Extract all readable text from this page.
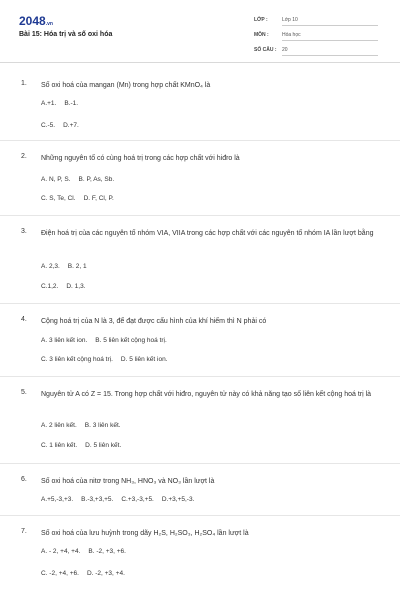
2048.vn
Bài 15: Hóa trị và số oxi hóa
LỚP :	Lớp 10
MÔN :	Hóa học
SỐ CÂU : 20
1. Số oxi hoá của mangan (Mn) trong hợp chất KMnO₄ là
A.+1. B.-1.
C.-5. D.+7.
2. Những nguyên tố có cùng hoá trị trong các hợp chất với hiđro là
A. N, P, S. B. P, As, Sb.
C. S, Te, Cl. D. F, Cl, P.
3. Điện hoá trị của các nguyên tố nhóm VIA, VIIA trong các hợp chất với các nguyên tố nhóm IA lần lượt bằng
A. 2,3. B. 2, 1
C.1,2. D. 1,3.
4. Cộng hoá trị của N là 3, để đạt được cấu hình của khí hiếm thì N phải có
A. 3 liên kết ion. B. 5 liên kết cộng hoá trị.
C. 3 liên kết cộng hoá trị. D. 5 liên kết ion.
5. Nguyên tử A có Z = 15. Trong hợp chất với hiđro, nguyên tử này có khả năng tạo số liên kết cộng hoá trị là
A. 2 liên kết. B. 3 liên kết.
C. 1 liên kết. D. 5 liên kết.
6. Số oxi hoá của nitơ trong NH₃, HNO₃ và NO₃ lần lượt là
A.+5,-3,+3. B.-3,+3,+5. C.+3,-3,+5. D.+3,+5,-3.
7. Số oxi hoá của lưu huỳnh trong dãy H₂S, H₂SO₃, H₂SO₄ lần lượt là
A. - 2, +4, +4. B. -2, +3, +6.
C. -2, +4, +6. D. -2, +3, +4.
